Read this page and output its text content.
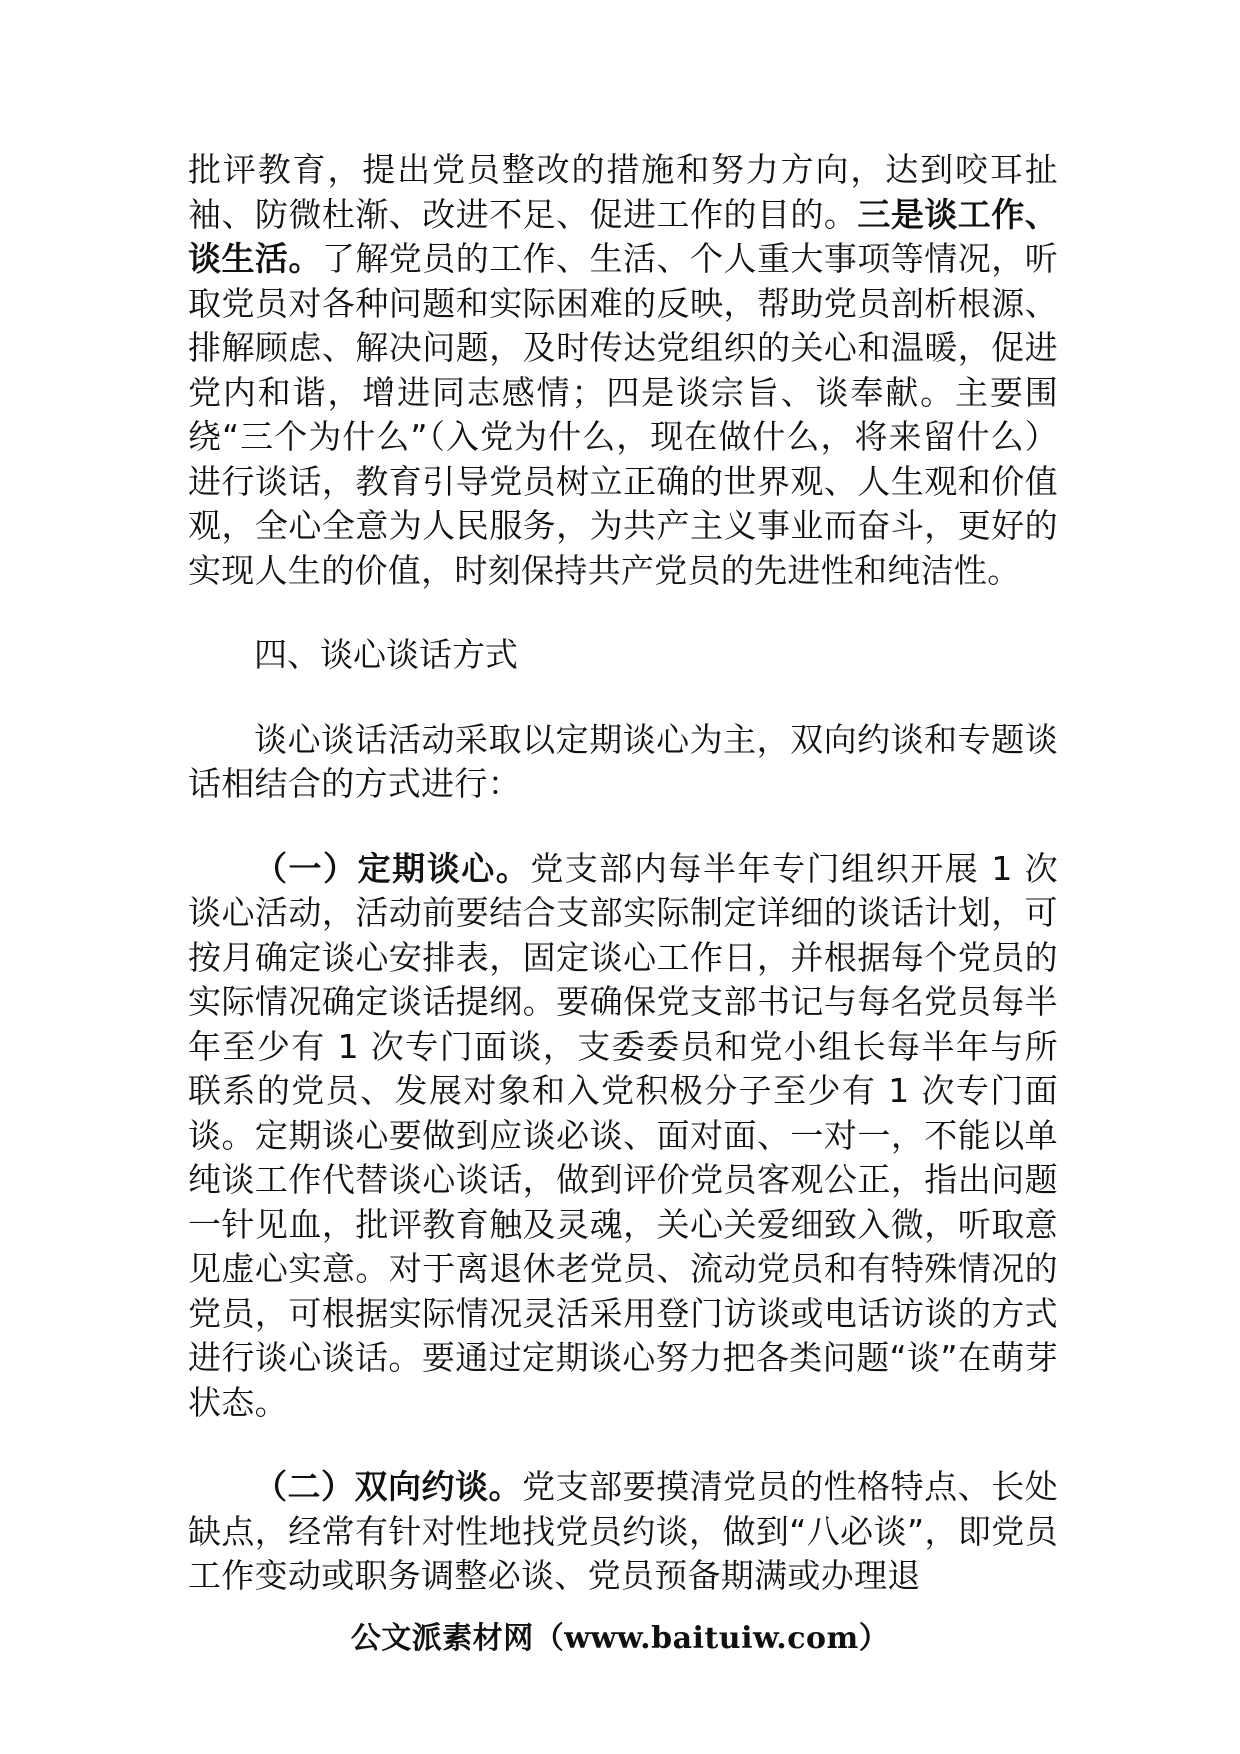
批评教育，提出党员整改的措施和努力方向，达到咬耳扯袖、防微杜渐、改进不足、促进工作的目的。三是谈工作、谈生活。了解党员的工作、生活、个人重大事项等情况，听取党员对各种问题和实际困难的反映，帮助党员剖析根源、排解顾虑、解决问题，及时传达党组织的关心和温暖，促进党内和谐，增进同志感情；四是谈宗旨、谈奉献。主要围绕“三个为什么”（入党为什么，现在做什么，将来留什么）进行谈话，教育引导党员树立正确的世界观、人生观和价值观，全心全意为人民服务，为共产主义事业而奋斗，更好的实现人生的价值，时刻保持共产党员的先进性和纯洁性。

四、谈心谈话方式

谈心谈话活动采取以定期谈心为主，双向约谈和专题谈话相结合的方式进行：

（一）定期谈心。党支部内每半年专门组织开展 1 次谈心活动，活动前要结合支部实际制定详细的谈话计划，可按月确定谈心安排表，固定谈心工作日，并根据每个党员的实际情况确定谈话提纲。要确保党支部书记与每名党员每半年至少有 1 次专门面谈，支委委员和党小组长每半年与所联系的党员、发展对象和入党积极分子至少有 1 次专门面谈。定期谈心要做到应谈必谈、面对面、一对一，不能以单纯谈工作代替谈心谈话，做到评价党员客观公正，指出问题一针见血，批评教育触及灵魂，关心关爱细致入微，听取意见虚心实意。对于离退休老党员、流动党员和有特殊情况的党员，可根据实际情况灵活采用登门访谈或电话访谈的方式进行谈心谈话。要通过定期谈心努力把各类问题“谈”在萌芽状态。

（二）双向约谈。党支部要摸清党员的性格特点、长处缺点，经常有针对性地找党员约谈，做到“八必谈”，即党员工作变动或职务调整必谈、党员预备期满或办理退

公文派素材网（www.baituiw.com）
